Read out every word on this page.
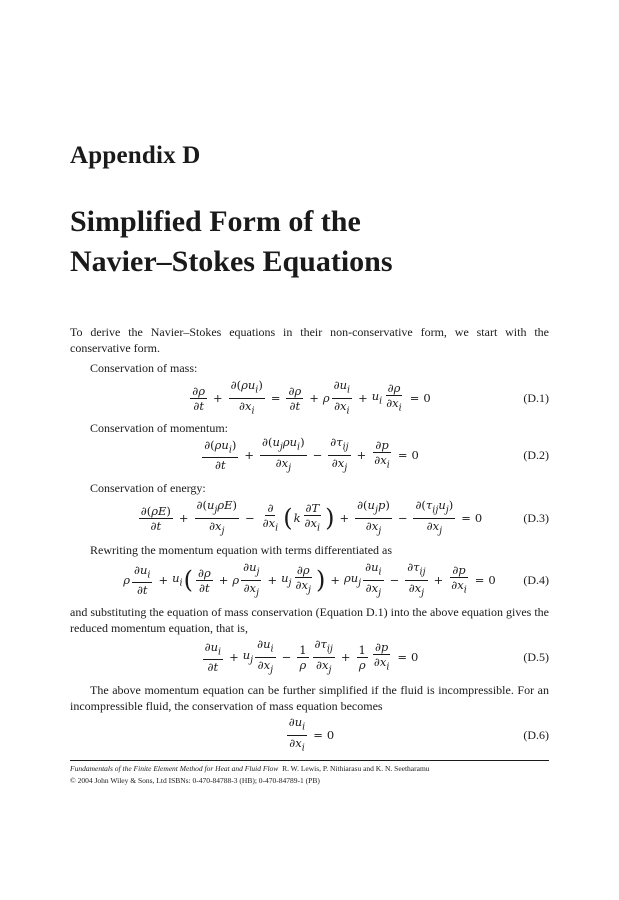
Appendix D
Simplified Form of the
Navier–Stokes Equations

To derive the Navier–Stokes equations in their non-conservative form, we start with the conservative form.

Conservation of mass:

$\frac{\partial\rho}{\partial t} + \frac{\partial(\rho u_i)}{\partial x_i} = \frac{\partial\rho}{\partial t} + \rho \frac{\partial u_i}{\partial x_i} + u_i \frac{\partial\rho}{\partial x_i} = 0$	(D.1)

Conservation of momentum:

$\frac{\partial(\rho u_i)}{\partial t} + \frac{\partial(u_j\rho u_i)}{\partial x_j} - \frac{\partial\tau_{ij}}{\partial x_j} + \frac{\partial p}{\partial x_i} = 0$	(D.2)

Conservation of energy:

$\frac{\partial(\rho E)}{\partial t} + \frac{\partial(u_j\rho E)}{\partial x_j} - \frac{\partial}{\partial x_i}$ ( k $\frac{\partial T}{\partial x_i}$ ) + $\frac{\partial(u_jp)}{\partial x_j} - \frac{\partial(\tau_{ij}u_j)}{\partial x_j} = 0$	(D.3)

Rewriting the momentum equation with terms differentiated as

ρ $\frac{\partial u_i}{\partial t} + u_i$ ( $\frac{\partial\rho}{\partial t} + \rho \frac{\partial u_j}{\partial x_j} + u_j \frac{\partial\rho}{\partial x_j}$ ) + $\rho u_j \frac{\partial u_i}{\partial x_j} - \frac{\partial\tau_{ij}}{\partial x_j} + \frac{\partial p}{\partial x_i} = 0$	(D.4)

and substituting the equation of mass conservation (Equation D.1) into the above equation gives the reduced momentum equation, that is,

$\frac{\partial u_i}{\partial t} + u_j \frac{\partial u_i}{\partial x_j} - \frac{1}{\rho} \frac{\partial\tau_{ij}}{\partial x_j} + \frac{1}{\rho} \frac{\partial p}{\partial x_i} = 0$	(D.5)

The above momentum equation can be further simplified if the fluid is incompressible. For an incompressible fluid, the conservation of mass equation becomes

$\frac{\partial u_i}{\partial x_i} = 0$	(D.6)
Fundamentals of the Finite Element Method for Heat and Fluid Flow R. W. Lewis, P. Nithiarasu and K. N. Seetharamu
© 2004 John Wiley & Sons, Ltd ISBNs: 0-470-84788-3 (HB); 0-470-84789-1 (PB)
